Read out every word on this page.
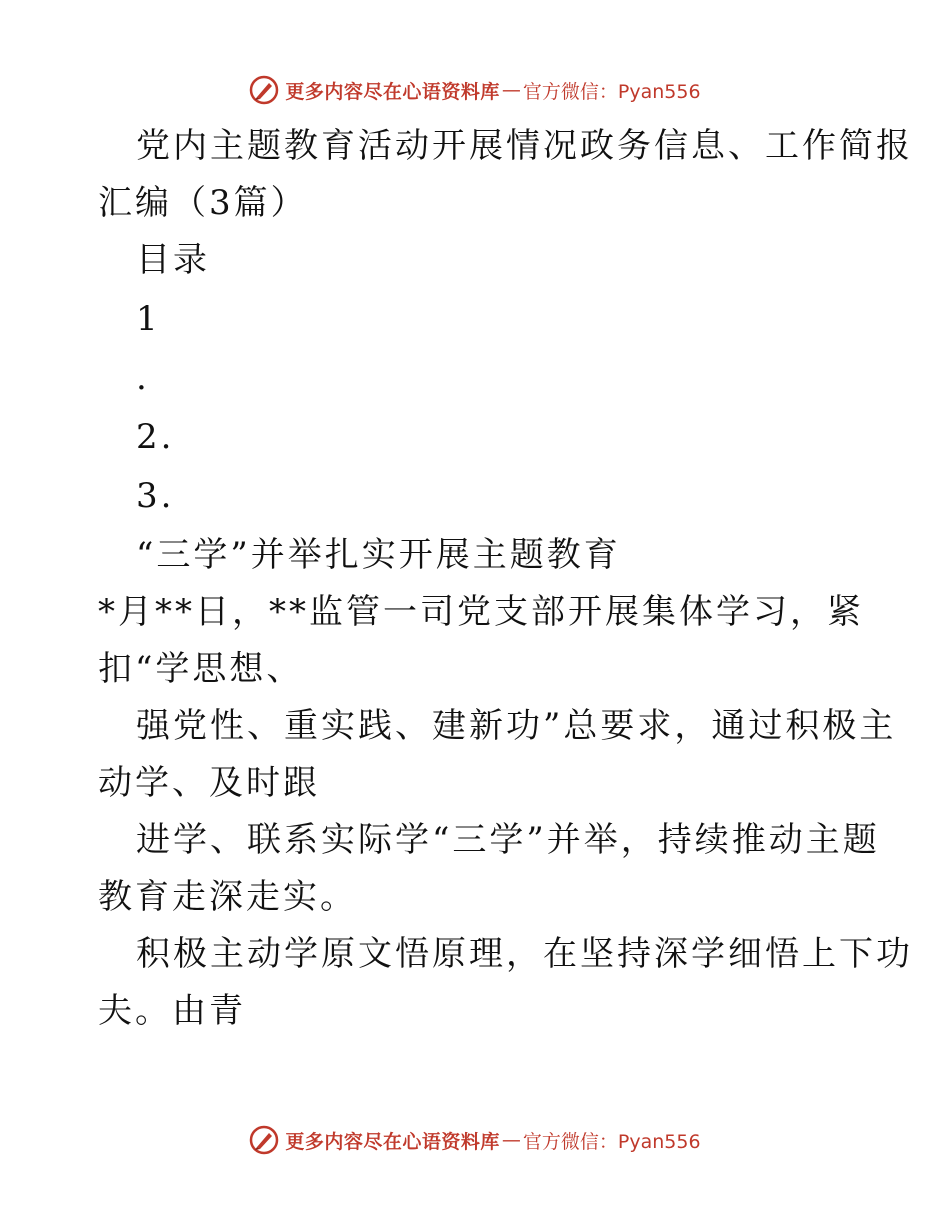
更多内容尽在心语资料库 — 官方微信：Pyan556
党内主题教育活动开展情况政务信息、工作简报
汇编（3篇）
目录
1
.
2.
3.
“三学”并举扎实开展主题教育
*月**日，**监管一司党支部开展集体学习，紧
扣“学思想、
强党性、重实践、建新功”总要求，通过积极主
动学、及时跟
进学、联系实际学“三学”并举，持续推动主题
教育走深走实。
积极主动学原文悟原理，在坚持深学细悟上下功
夫。由青
更多内容尽在心语资料库 — 官方微信：Pyan556
